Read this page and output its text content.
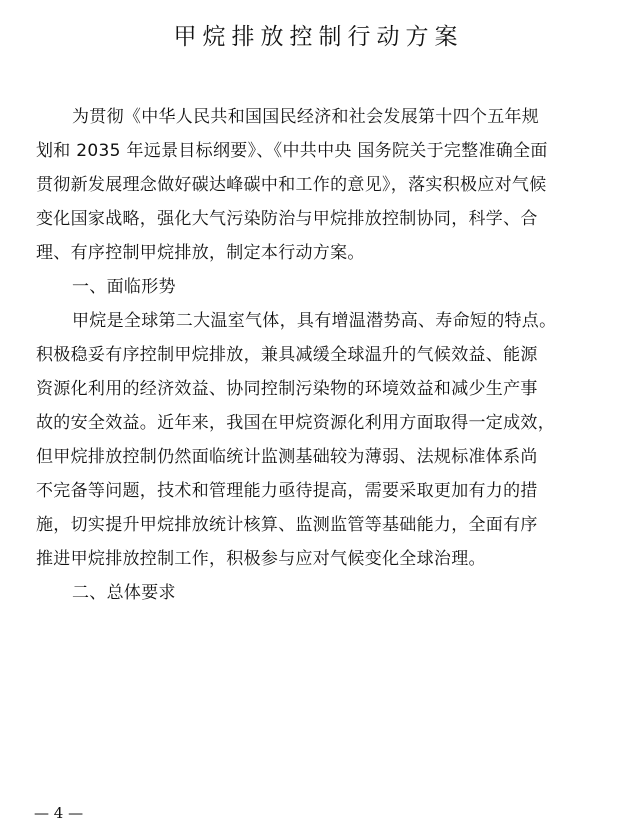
甲烷排放控制行动方案
为贯彻《中华人民共和国国民经济和社会发展第十四个五年规
划和 2035 年远景目标纲要》、《中共中央 国务院关于完整准确全面
贯彻新发展理念做好碳达峰碳中和工作的意见》，落实积极应对气候
变化国家战略，强化大气污染防治与甲烷排放控制协同，科学、合
理、有序控制甲烷排放，制定本行动方案。
一、面临形势
甲烷是全球第二大温室气体，具有增温潜势高、寿命短的特点。
积极稳妥有序控制甲烷排放，兼具减缓全球温升的气候效益、能源
资源化利用的经济效益、协同控制污染物的环境效益和减少生产事
故的安全效益。近年来，我国在甲烷资源化利用方面取得一定成效，
但甲烷排放控制仍然面临统计监测基础较为薄弱、法规标准体系尚
不完备等问题，技术和管理能力亟待提高，需要采取更加有力的措
施，切实提升甲烷排放统计核算、监测监管等基础能力，全面有序
推进甲烷排放控制工作，积极参与应对气候变化全球治理。
二、总体要求
— 4 —
